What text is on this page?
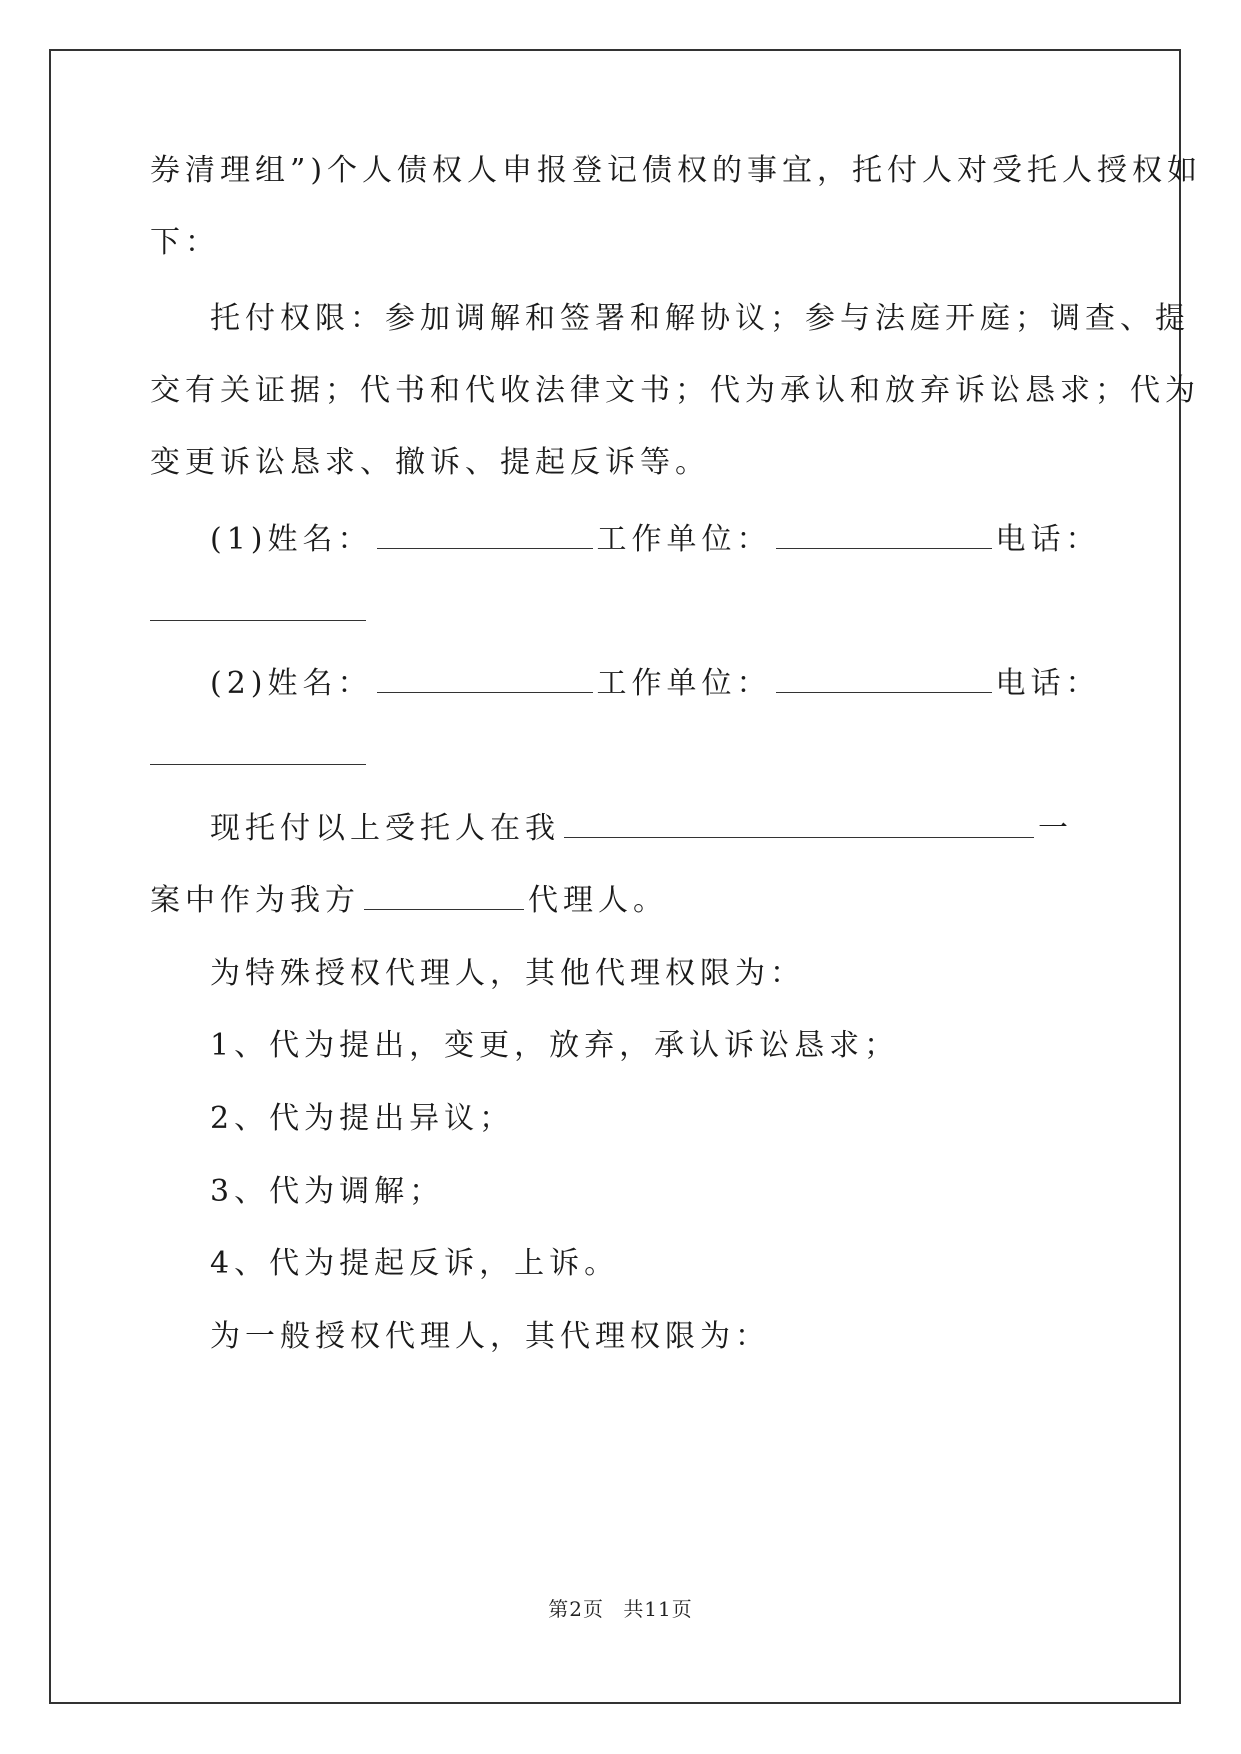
券清理组”)个人债权人申报登记债权的事宜，托付人对受托人授权如
下：
托付权限：参加调解和签署和解协议；参与法庭开庭；调查、提
交有关证据；代书和代收法律文书；代为承认和放弃诉讼恳求；代为
变更诉讼恳求、撤诉、提起反诉等。
(1)姓名：	工作单位：	电话：
(2)姓名：	工作单位：	电话：
现托付以上受托人在我	一
案中作为我方	代理人。
为特殊授权代理人，其他代理权限为：
1、代为提出，变更，放弃，承认诉讼恳求；
2、代为提出异议；
3、代为调解；
4、代为提起反诉，上诉。
为一般授权代理人，其代理权限为：
第2页 共11页
